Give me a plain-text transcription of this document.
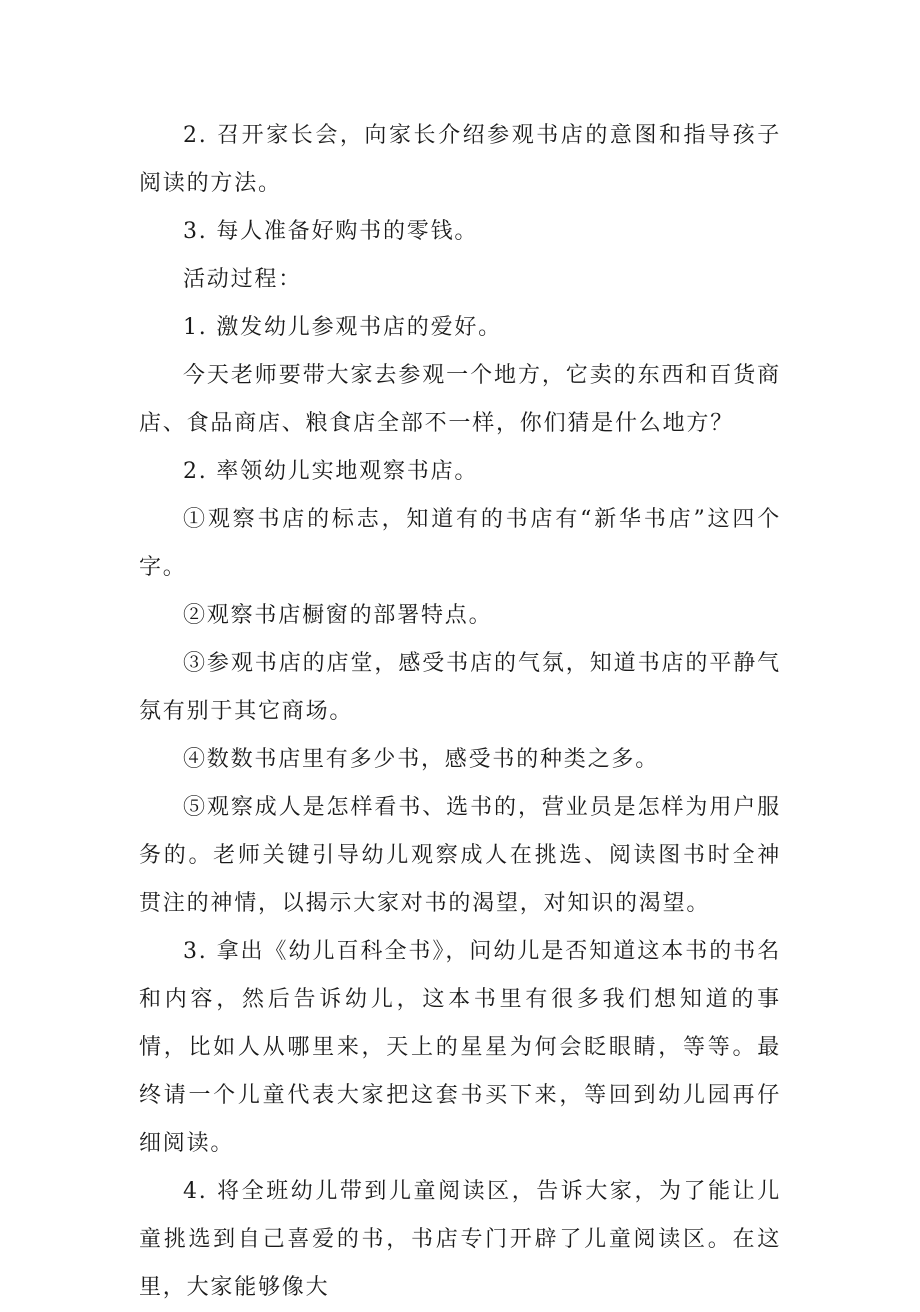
2. 召开家长会，向家长介绍参观书店的意图和指导孩子阅读的方法。

3. 每人准备好购书的零钱。

活动过程：

1. 激发幼儿参观书店的爱好。

今天老师要带大家去参观一个地方，它卖的东西和百货商店、食品商店、粮食店全部不一样，你们猜是什么地方？

2. 率领幼儿实地观察书店。

①观察书店的标志，知道有的书店有“新华书店”这四个字。

②观察书店橱窗的部署特点。

③参观书店的店堂，感受书店的气氛，知道书店的平静气氛有别于其它商场。

④数数书店里有多少书，感受书的种类之多。

⑤观察成人是怎样看书、选书的，营业员是怎样为用户服务的。老师关键引导幼儿观察成人在挑选、阅读图书时全神贯注的神情，以揭示大家对书的渴望，对知识的渴望。

3. 拿出《幼儿百科全书》，问幼儿是否知道这本书的书名和内容，然后告诉幼儿，这本书里有很多我们想知道的事情，比如人从哪里来，天上的星星为何会眨眼睛，等等。最终请一个儿童代表大家把这套书买下来，等回到幼儿园再仔细阅读。

4. 将全班幼儿带到儿童阅读区，告诉大家，为了能让儿童挑选到自己喜爱的书，书店专门开辟了儿童阅读区。在这里，大家能够像大
